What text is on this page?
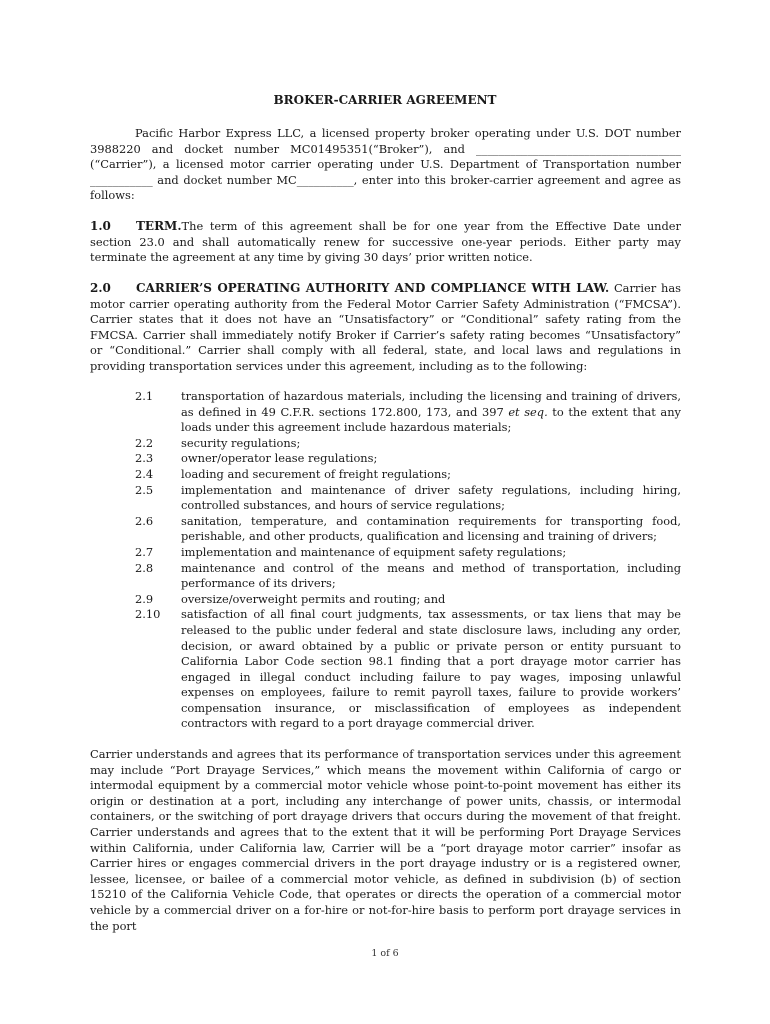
BROKER-CARRIER AGREEMENT

Pacific Harbor Express LLC, a licensed property broker operating under U.S. DOT number 3988220 and docket number MC01495351(“Broker”), and ____________________________________ (“Carrier”), a licensed motor carrier operating under U.S. Department of Transportation number ___________ and docket number MC__________, enter into this broker-carrier agreement and agree as follows:

1.0 TERM.The term of this agreement shall be for one year from the Effective Date under section 23.0 and shall automatically renew for successive one-year periods. Either party may terminate the agreement at any time by giving 30 days’ prior written notice.

2.0 CARRIER’S OPERATING AUTHORITY AND COMPLIANCE WITH LAW. Carrier has motor carrier operating authority from the Federal Motor Carrier Safety Administration (“FMCSA”). Carrier states that it does not have an “Unsatisfactory” or “Conditional” safety rating from the FMCSA. Carrier shall immediately notify Broker if Carrier’s safety rating becomes “Unsatisfactory” or “Conditional.” Carrier shall comply with all federal, state, and local laws and regulations in providing transportation services under this agreement, including as to the following:

2.1	transportation of hazardous materials, including the licensing and training of drivers, as defined in 49 C.F.R. sections 172.800, 173, and 397 et seq. to the extent that any loads under this agreement include hazardous materials;
2.2	security regulations;
2.3	owner/operator lease regulations;
2.4	loading and securement of freight regulations;
2.5	implementation and maintenance of driver safety regulations, including hiring, controlled substances, and hours of service regulations;
2.6	sanitation, temperature, and contamination requirements for transporting food, perishable, and other products, qualification and licensing and training of drivers;
2.7	implementation and maintenance of equipment safety regulations;
2.8	maintenance and control of the means and method of transportation, including performance of its drivers;
2.9	oversize/overweight permits and routing; and
2.10	satisfaction of all final court judgments, tax assessments, or tax liens that may be released to the public under federal and state disclosure laws, including any order, decision, or award obtained by a public or private person or entity pursuant to California Labor Code section 98.1 finding that a port drayage motor carrier has engaged in illegal conduct including failure to pay wages, imposing unlawful expenses on employees, failure to remit payroll taxes, failure to provide workers’ compensation insurance, or misclassification of employees as independent contractors with regard to a port drayage commercial driver.

Carrier understands and agrees that its performance of transportation services under this agreement may include “Port Drayage Services,” which means the movement within California of cargo or intermodal equipment by a commercial motor vehicle whose point-to-point movement has either its origin or destination at a port, including any interchange of power units, chassis, or intermodal containers, or the switching of port drayage drivers that occurs during the movement of that freight. Carrier understands and agrees that to the extent that it will be performing Port Drayage Services within California, under California law, Carrier will be a “port drayage motor carrier” insofar as Carrier hires or engages commercial drivers in the port drayage industry or is a registered owner, lessee, licensee, or bailee of a commercial motor vehicle, as defined in subdivision (b) of section 15210 of the California Vehicle Code, that operates or directs the operation of a commercial motor vehicle by a commercial driver on a for-hire or not-for-hire basis to perform port drayage services in the port

1 of 6
